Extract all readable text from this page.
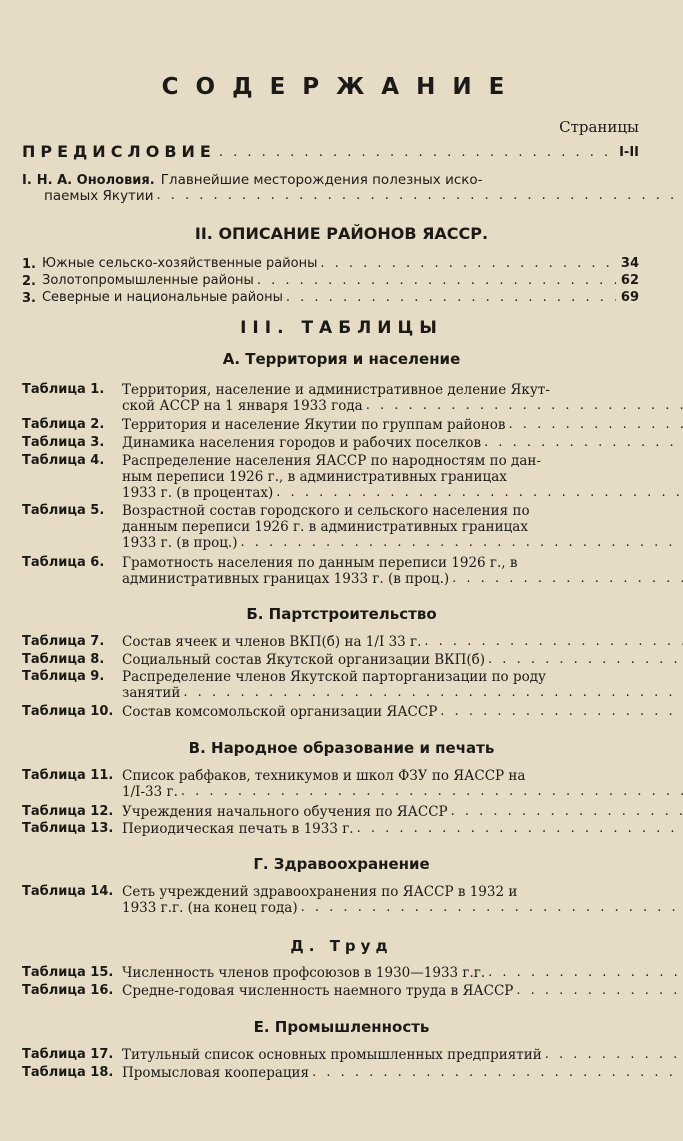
СОДЕРЖАНИЕ
Страницы
ПРЕДИСЛОВИЕ . . .	I-II
I. Н. А. Оноловия. Главнейшие месторождения полезных иско-
паемых Якутии
. . .
II. ОПИСАНИЕ РАЙОНОВ ЯАССР.
1. Южные сельско-хозяйственные районы . . .	34
2. Золотопромышленные районы . . .	62
3. Северные и национальные районы . . .	69
III. ТАБЛИЦЫ
А. Территория и население
Таблица 1.	Территория, население и административное деление Якут-
ской АССР на 1 января 1933 года
. . .
Таблица 2.	Территория и население Якутии по группам районов
. . .
Таблица 3.	Динамика населения городов и рабочих поселков
. . .
Таблица 4.	Распределение населения ЯАССР по народностям по дан-
ным переписи 1926 г., в административных границах
1933 г. (в процентах)
. . .
Таблица 5.	Возрастной состав городского и сельского населения по
данным переписи 1926 г. в административных границах
1933 г. (в проц.)
. . .
Таблица 6.	Грамотность населения по данным переписи 1926 г., в
административных границах 1933 г. (в проц.)
. . .
Б. Партстроительство
Таблица 7.	Состав ячеек и членов ВКП(б) на 1/I 33 г.
. . .
Таблица 8.	Социальный состав Якутской организации ВКП(б)
. . .
Таблица 9.	Распределение членов Якутской парторганизации по роду
занятий
. . .
Таблица 10. Состав комсомольской организации ЯАССР
. . .
В. Народное образование и печать
Таблица 11. Список рабфаков, техникумов и школ ФЗУ по ЯАССР на
1/I-33 г.
. . .
Таблица 12. Учреждения начального обучения по ЯАССР
. . .
Таблица 13. Периодическая печать в 1933 г.
. . .
Г. Здравоохранение
Таблица 14. Сеть учреждений здравоохранения по ЯАССР в 1932 и
1933 г.г. (на конец года)
. . .
Д. Труд
Таблица 15. Численность членов профсоюзов в 1930—1933 г.г.
. . .
Таблица 16. Средне-годовая численность наемного труда в ЯАССР
. . .
Е. Промышленность
Таблица 17. Титульный список основных промышленных предприятий
. . .
Таблица 18. Промысловая кооперация
. . .
